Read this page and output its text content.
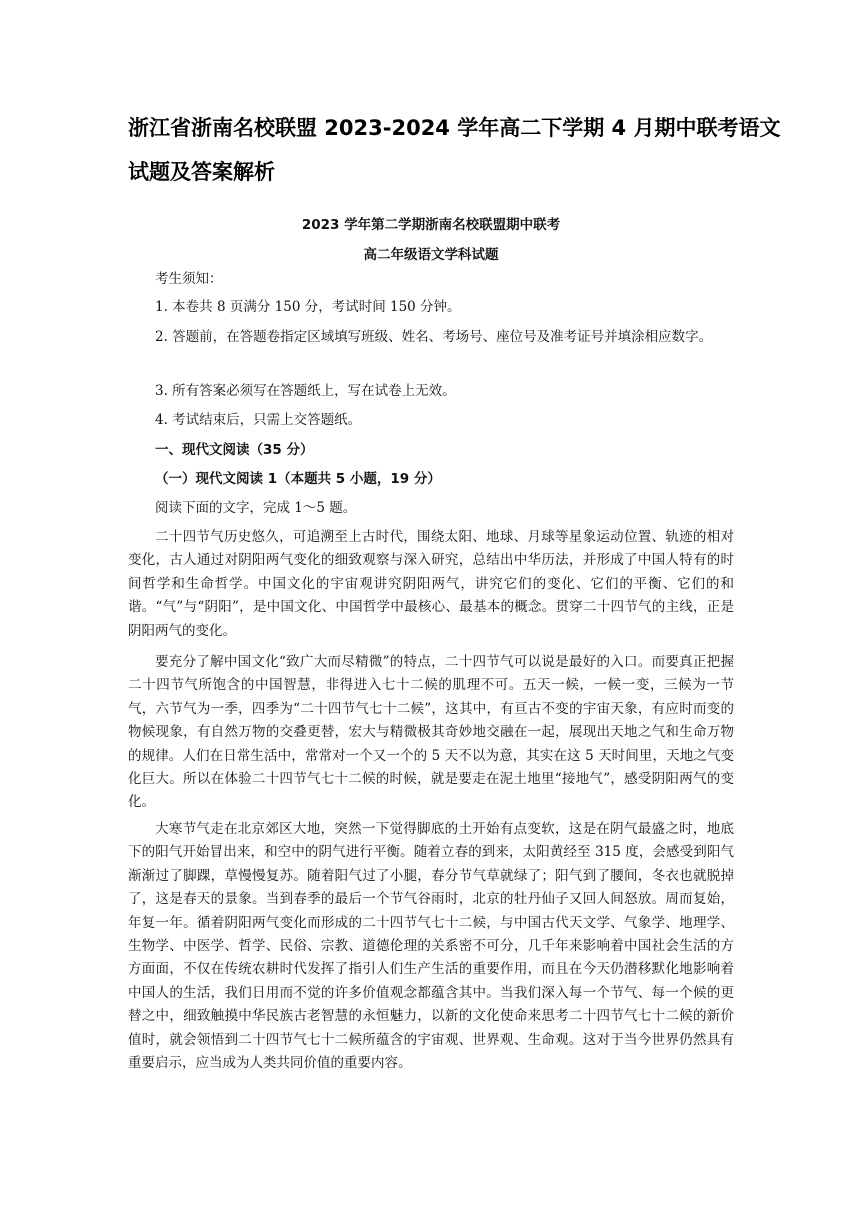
浙江省浙南名校联盟 2023-2024 学年高二下学期 4 月期中联考语文
试题及答案解析
2023 学年第二学期浙南名校联盟期中联考
高二年级语文学科试题

考生须知：

1. 本卷共 8 页满分 150 分，考试时间 150 分钟。

2. 答题前，在答题卷指定区域填写班级、姓名、考场号、座位号及准考证号并填涂相应数字。

3. 所有答案必须写在答题纸上，写在试卷上无效。

4. 考试结束后，只需上交答题纸。

一、现代文阅读（35 分）

（一）现代文阅读 1（本题共 5 小题，19 分）

阅读下面的文字，完成 1～5 题。

二十四节气历史悠久，可追溯至上古时代，围绕太阳、地球、月球等星象运动位置、轨迹的相对变化，古人通过对阴阳两气变化的细致观察与深入研究，总结出中华历法，并形成了中国人特有的时间哲学和生命哲学。中国文化的宇宙观讲究阴阳两气，讲究它们的变化、它们的平衡、它们的和谐。“气”与“阴阳”，是中国文化、中国哲学中最核心、最基本的概念。贯穿二十四节气的主线，正是阴阳两气的变化。

要充分了解中国文化“致广大而尽精微”的特点，二十四节气可以说是最好的入口。而要真正把握二十四节气所饱含的中国智慧，非得进入七十二候的肌理不可。五天一候，一候一变，三候为一节气，六节气为一季，四季为“二十四节气七十二候”，这其中，有亘古不变的宇宙天象，有应时而变的物候现象，有自然万物的交叠更替，宏大与精微极其奇妙地交融在一起，展现出天地之气和生命万物的规律。人们在日常生活中，常常对一个又一个的 5 天不以为意，其实在这 5 天时间里，天地之气变化巨大。所以在体验二十四节气七十二候的时候，就是要走在泥土地里“接地气”，感受阴阳两气的变化。

大寒节气走在北京郊区大地，突然一下觉得脚底的土开始有点变软，这是在阴气最盛之时，地底下的阳气开始冒出来，和空中的阴气进行平衡。随着立春的到来，太阳黄经至 315 度，会感受到阳气渐渐过了脚踝，草慢慢复苏。随着阳气过了小腿，春分节气草就绿了；阳气到了腰间，冬衣也就脱掉了，这是春天的景象。当到春季的最后一个节气谷雨时，北京的牡丹仙子又回人间怒放。周而复始，年复一年。循着阴阳两气变化而形成的二十四节气七十二候，与中国古代天文学、气象学、地理学、生物学、中医学、哲学、民俗、宗教、道德伦理的关系密不可分，几千年来影响着中国社会生活的方方面面，不仅在传统农耕时代发挥了指引人们生产生活的重要作用，而且在今天仍潜移默化地影响着中国人的生活，我们日用而不觉的许多价值观念都蕴含其中。当我们深入每一个节气、每一个候的更替之中，细致触摸中华民族古老智慧的永恒魅力，以新的文化使命来思考二十四节气七十二候的新价值时，就会领悟到二十四节气七十二候所蕴含的宇宙观、世界观、生命观。这对于当今世界仍然具有重要启示，应当成为人类共同价值的重要内容。
